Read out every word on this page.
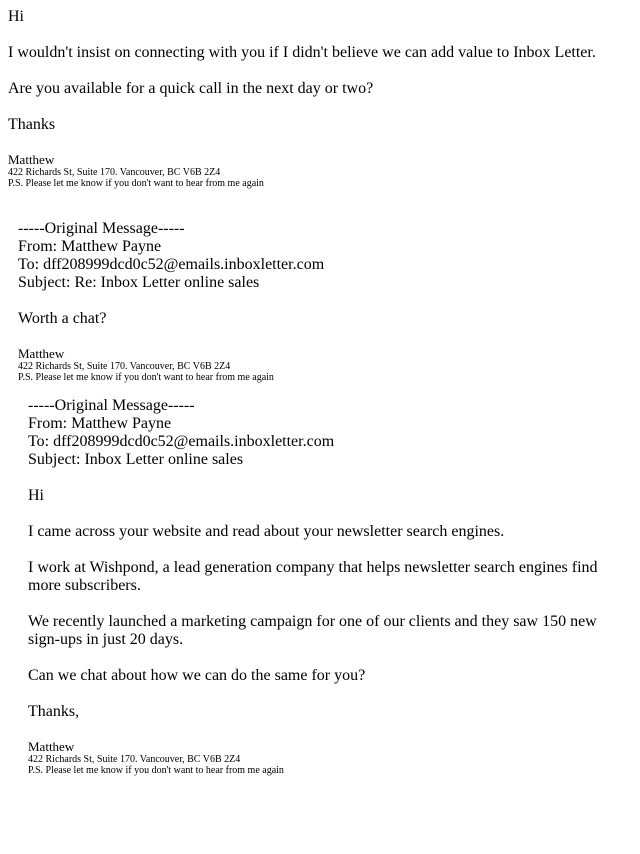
Hi

I wouldn't insist on connecting with you if I didn't believe we can add value to Inbox Letter.

Are you available for a quick call in the next day or two?

Thanks

Matthew
422 Richards St, Suite 170. Vancouver, BC V6B 2Z4
P.S. Please let me know if you don't want to hear from me again
-----Original Message-----
From: Matthew Payne
To: dff208999dcd0c52@emails.inboxletter.com
Subject: Re: Inbox Letter online sales

Worth a chat?

Matthew
422 Richards St, Suite 170. Vancouver, BC V6B 2Z4
P.S. Please let me know if you don't want to hear from me again
-----Original Message-----
From: Matthew Payne
To: dff208999dcd0c52@emails.inboxletter.com
Subject: Inbox Letter online sales

Hi

I came across your website and read about your newsletter search engines.

I work at Wishpond, a lead generation company that helps newsletter search engines find more subscribers.

We recently launched a marketing campaign for one of our clients and they saw 150 new sign-ups in just 20 days.

Can we chat about how we can do the same for you?

Thanks,

Matthew
422 Richards St, Suite 170. Vancouver, BC V6B 2Z4
P.S. Please let me know if you don't want to hear from me again
